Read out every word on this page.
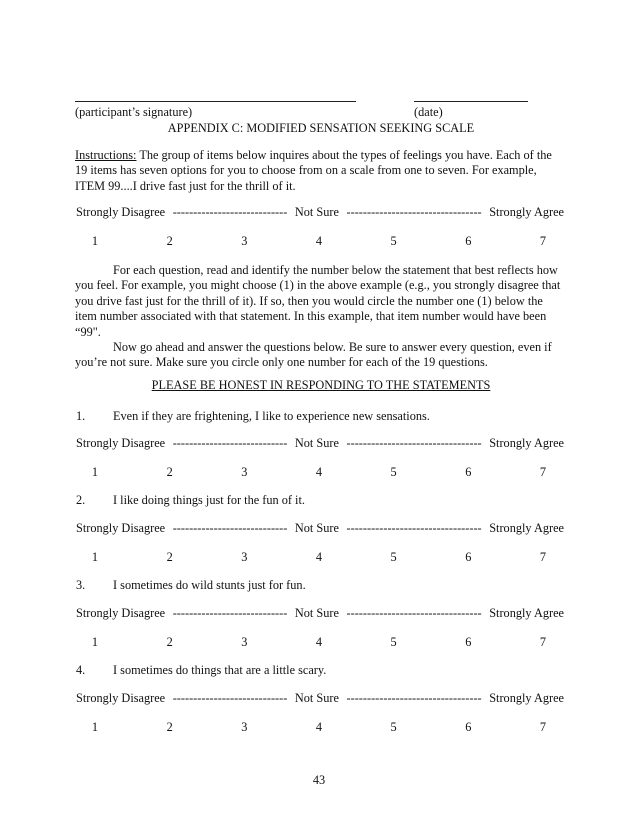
(participant’s signature)	(date)
APPENDIX C: MODIFIED SENSATION SEEKING SCALE
Instructions: The group of items below inquires about the types of feelings you have. Each of the 19 items has seven options for you to choose from on a scale from one to seven. For example, ITEM 99....I drive fast just for the thrill of it.
Strongly Disagree ---------------------------- Not Sure --------------------------------- Strongly Agree
1	2	3	4	5	6	7
For each question, read and identify the number below the statement that best reflects how you feel. For example, you might choose (1) in the above example (e.g., you strongly disagree that you drive fast just for the thrill of it). If so, then you would circle the number one (1) below the item number associated with that statement. In this example, that item number would have been “99".
Now go ahead and answer the questions below. Be sure to answer every question, even if you’re not sure. Make sure you circle only one number for each of the 19 questions.
PLEASE BE HONEST IN RESPONDING TO THE STATEMENTS
1. Even if they are frightening, I like to experience new sensations.
Strongly Disagree ---------------------------- Not Sure --------------------------------- Strongly Agree
1	2	3	4	5	6	7
2. I like doing things just for the fun of it.
Strongly Disagree ---------------------------- Not Sure --------------------------------- Strongly Agree
1	2	3	4	5	6	7
3. I sometimes do wild stunts just for fun.
Strongly Disagree ---------------------------- Not Sure --------------------------------- Strongly Agree
1	2	3	4	5	6	7
4. I sometimes do things that are a little scary.
Strongly Disagree ---------------------------- Not Sure --------------------------------- Strongly Agree
1	2	3	4	5	6	7
43
